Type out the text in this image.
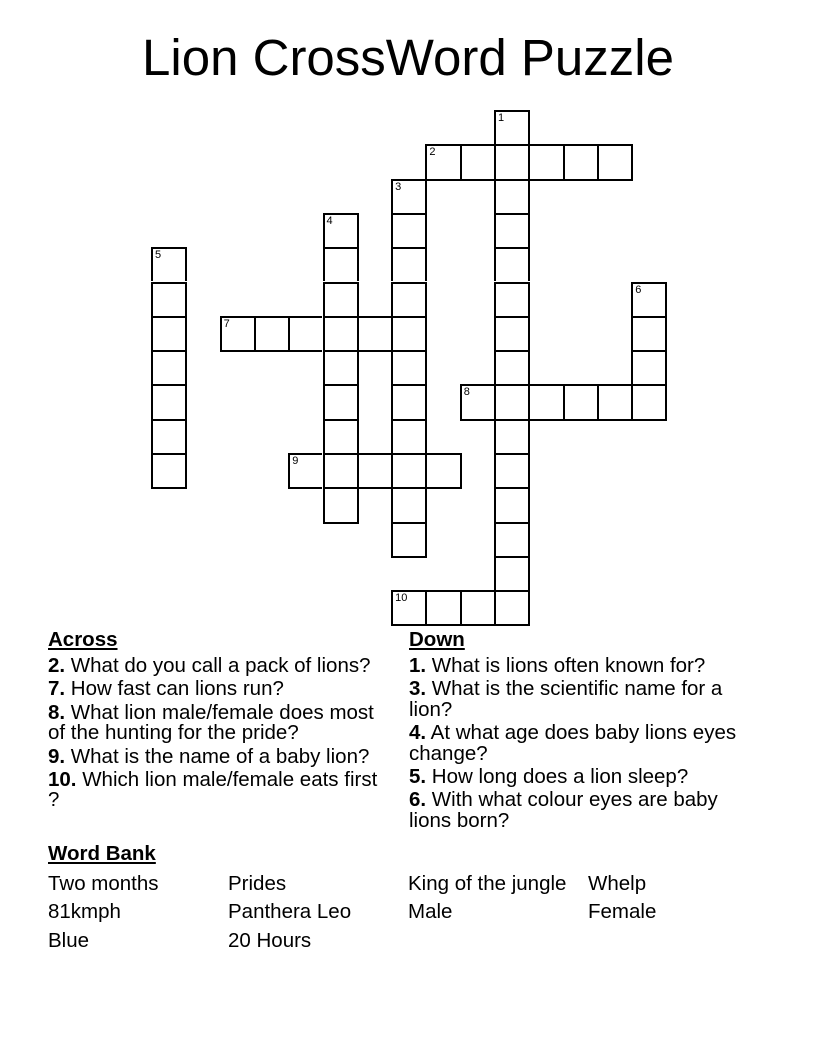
Lion CrossWord Puzzle
1
2
3
4
5
6
7
8
9
10
Across

2. What do you call a pack of lions?

7. How fast can lions run?

8. What lion male/female does most of the hunting for the pride?

9. What is the name of a baby lion?

10. Which lion male/female eats first ?

Down

1. What is lions often known for?

3. What is the scientific name for a lion?

4. At what age does baby lions eyes change?

5. How long does a lion sleep?

6. With what colour eyes are baby lions born?

Word Bank
Two months	Prides	King of the jungle	Whelp
81kmph	Panthera Leo	Male	Female
Blue	20 Hours
